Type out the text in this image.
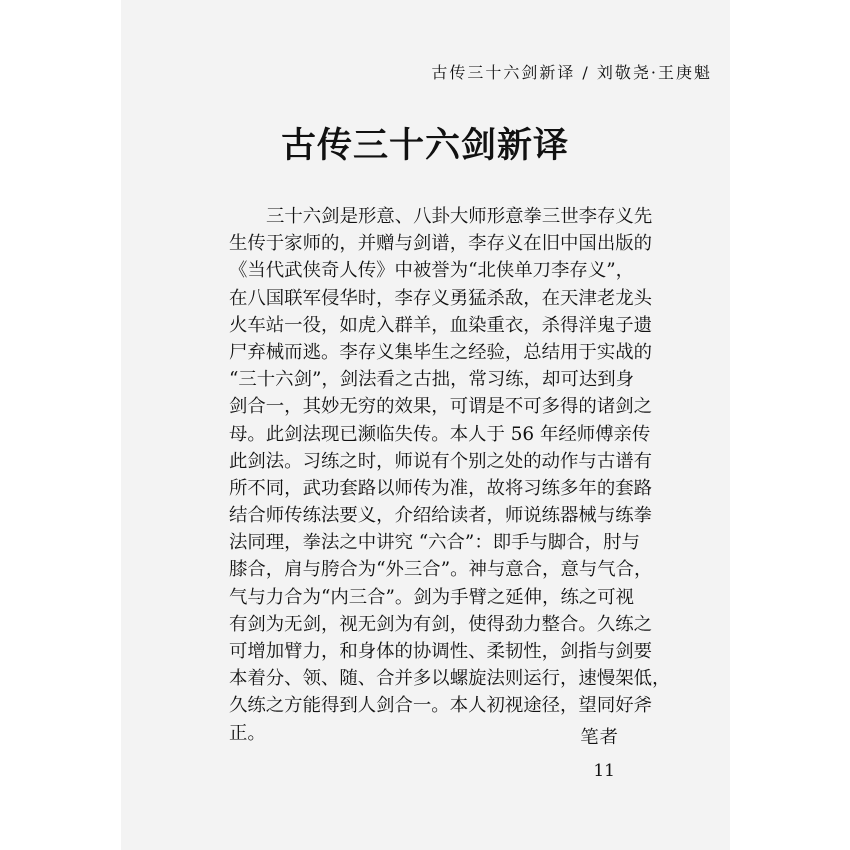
古传三十六剑新译 / 刘敬尧·王庚魁
古传三十六剑新译
三十六剑是形意、八卦大师形意拳三世李存义先
生传于家师的，并赠与剑谱，李存义在旧中国出版的
《当代武侠奇人传》中被誉为“北侠单刀李存义”，
在八国联军侵华时，李存义勇猛杀敌，在天津老龙头
火车站一役，如虎入群羊，血染重衣，杀得洋鬼子遗
尸弃械而逃。李存义集毕生之经验，总结用于实战的
“三十六剑”，剑法看之古拙，常习练，却可达到身
剑合一，其妙无穷的效果，可谓是不可多得的诸剑之
母。此剑法现已濒临失传。本人于 56 年经师傅亲传
此剑法。习练之时，师说有个别之处的动作与古谱有
所不同，武功套路以师传为准，故将习练多年的套路
结合师传练法要义，介绍给读者，师说练器械与练拳
法同理，拳法之中讲究 “六合”：即手与脚合，肘与
膝合，肩与胯合为“外三合”。神与意合，意与气合，
气与力合为“内三合”。剑为手臂之延伸，练之可视
有剑为无剑，视无剑为有剑，使得劲力整合。久练之
可增加臂力，和身体的协调性、柔韧性，剑指与剑要
本着分、领、随、合并多以螺旋法则运行，速慢架低，
久练之方能得到人剑合一。本人初视途径，望同好斧
正。	笔者
11
